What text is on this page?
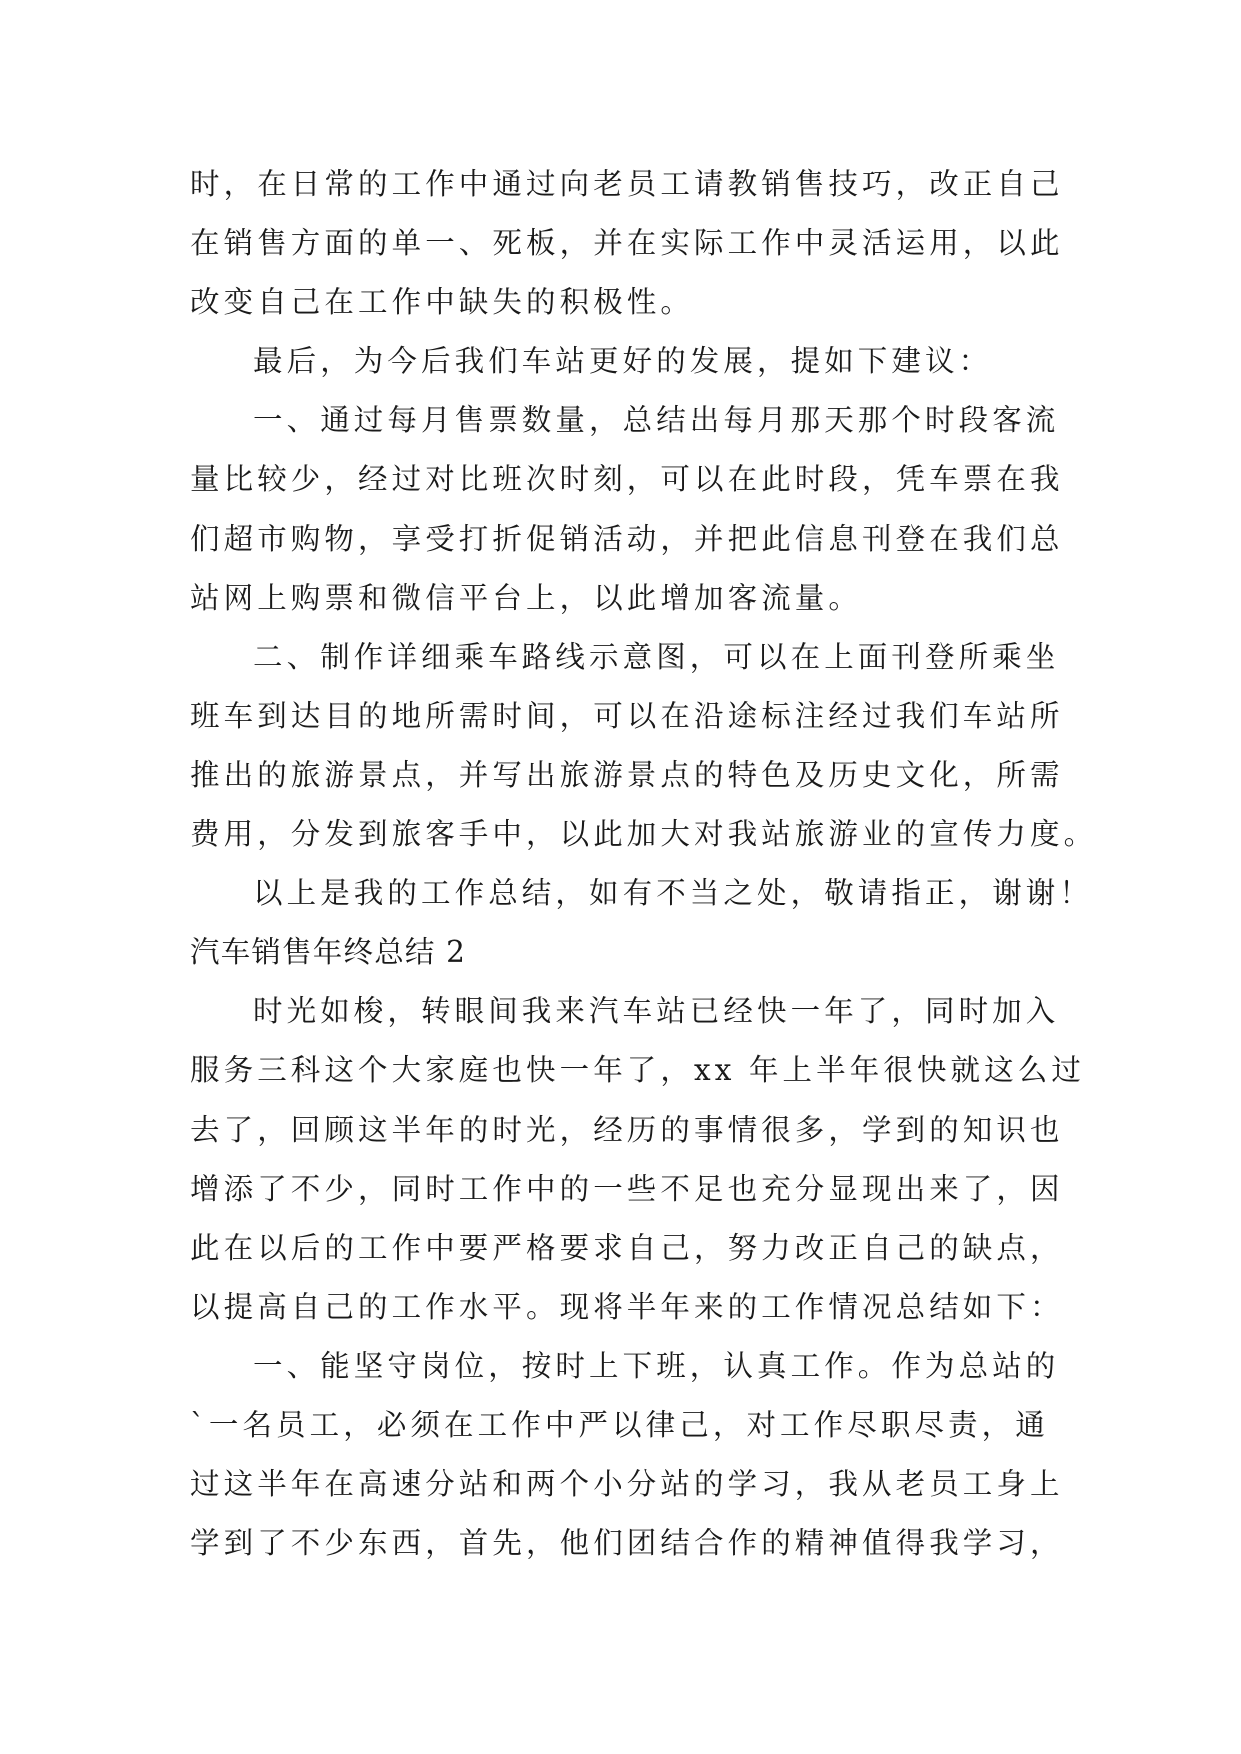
时，在日常的工作中通过向老员工请教销售技巧，改正自己
在销售方面的单一、死板，并在实际工作中灵活运用，以此
改变自己在工作中缺失的积极性。
最后，为今后我们车站更好的发展，提如下建议：
一、通过每月售票数量，总结出每月那天那个时段客流
量比较少，经过对比班次时刻，可以在此时段，凭车票在我
们超市购物，享受打折促销活动，并把此信息刊登在我们总
站网上购票和微信平台上，以此增加客流量。
二、制作详细乘车路线示意图，可以在上面刊登所乘坐
班车到达目的地所需时间，可以在沿途标注经过我们车站所
推出的旅游景点，并写出旅游景点的特色及历史文化，所需
费用，分发到旅客手中，以此加大对我站旅游业的宣传力度。
以上是我的工作总结，如有不当之处，敬请指正，谢谢！
汽车销售年终总结 2
时光如梭，转眼间我来汽车站已经快一年了，同时加入
服务三科这个大家庭也快一年了，xx 年上半年很快就这么过
去了，回顾这半年的时光，经历的事情很多，学到的知识也
增添了不少，同时工作中的一些不足也充分显现出来了，因
此在以后的工作中要严格要求自己，努力改正自己的缺点，
以提高自己的工作水平。现将半年来的工作情况总结如下：
一、能坚守岗位，按时上下班，认真工作。作为总站的
`一名员工，必须在工作中严以律己，对工作尽职尽责，通
过这半年在高速分站和两个小分站的学习，我从老员工身上
学到了不少东西，首先，他们团结合作的精神值得我学习，
